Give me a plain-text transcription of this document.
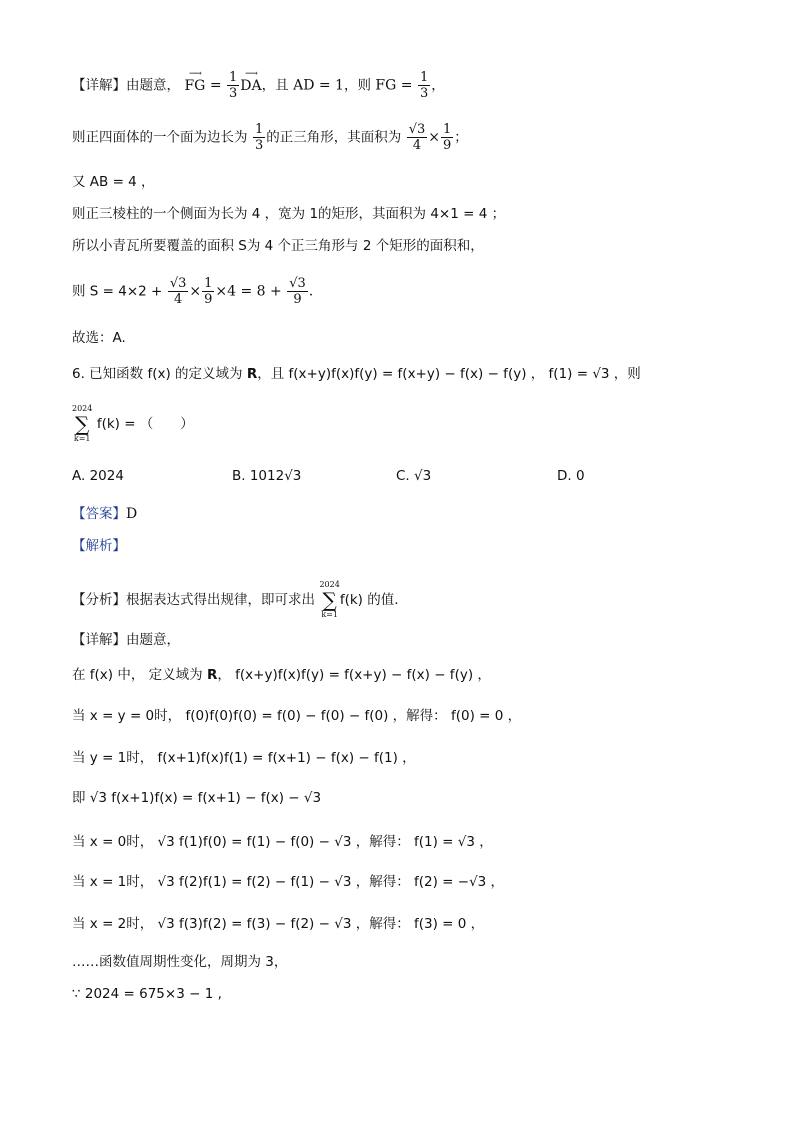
【详解】由题意， ⟶ FG = $\frac{1}{3}$ ⟶ DA，且 AD = 1，则 FG = $\frac{1}{3}$ ，
则正四面体的一个面为边长为 $\frac{1}{3}$ 的正三角形，其面积为 $\frac{√3}{4} \times \frac{1}{9}$ ；
又 AB = 4 ，
则正三棱柱的一个侧面为长为 4 ，宽为 1的矩形，其面积为 4×1 = 4 ；
所以小青瓦所要覆盖的面积 S为 4 个正三角形与 2 个矩形的面积和，
则 $S = 4\times 2 + \frac{√3}{4} \times \frac{1}{9} \times 4 = 8 + \frac{√3}{9}$ .
故选：A.
6. 已知函数 f(x) 的定义域为 R，且 f(x+y)f(x)f(y) = f(x+y) − f(x) − f(y) ， f(1) = √3 ，则
2024
∑
k=1
f(k) = （　　）
A. 2024	B. 1012√3	C. √3	D. 0
【答案】D
【解析】
【分析】根据表达式得出规律，即可求出
2024
∑
k=1
f(k) 的值.
【详解】由题意，
在 f(x) 中， 定义域为 R， f(x+y)f(x)f(y) = f(x+y) − f(x) − f(y) ，
当 x = y = 0时， f(0)f(0)f(0) = f(0) − f(0) − f(0) ，解得： f(0) = 0 ，
当 y = 1时， f(x+1)f(x)f(1) = f(x+1) − f(x) − f(1) ，
即 √3 f(x+1)f(x) = f(x+1) − f(x) − √3
当 x = 0时， √3 f(1)f(0) = f(1) − f(0) − √3 ，解得： f(1) = √3 ，
当 x = 1时， √3 f(2)f(1) = f(2) − f(1) − √3 ，解得： f(2) = −√3 ，
当 x = 2时， √3 f(3)f(2) = f(3) − f(2) − √3 ，解得： f(3) = 0 ，
……函数值周期性变化，周期为 3，
∵ 2024 = 675×3 − 1 ,
